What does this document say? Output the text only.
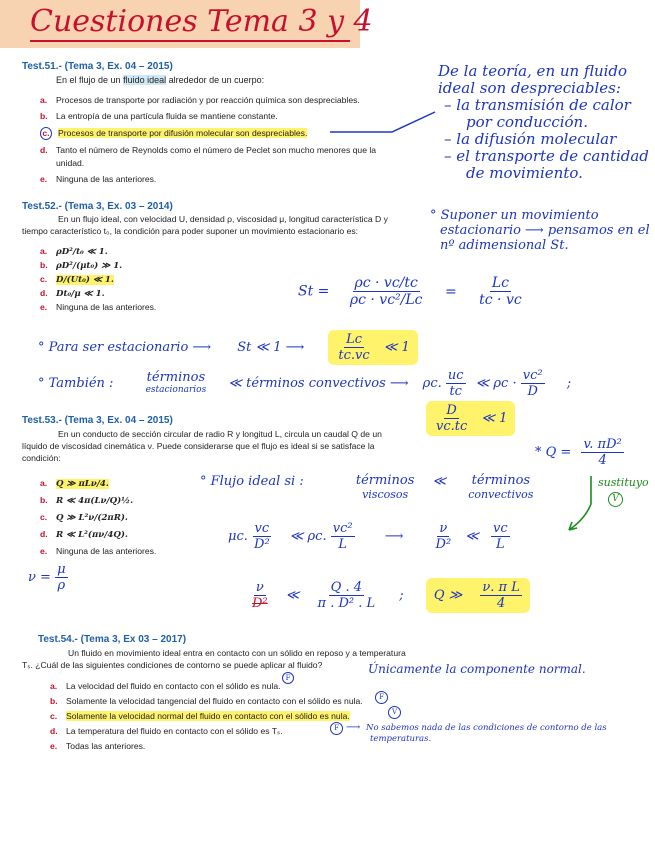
Cuestiones Tema 3 y 4
Test.51.- (Tema 3, Ex. 04 – 2015)
En el flujo de un fluido ideal alrededor de un cuerpo:
a. Procesos de transporte por radiación y por reacción química son despreciables.
b. La entropía de una partícula fluida se mantiene constante.
c. Procesos de transporte por difusión molecular son despreciables.
d. Tanto el número de Reynolds como el número de Peclet son mucho menores que la
unidad.
e. Ninguna de las anteriores.
De la teoría, en un fluido
ideal son despreciables:
– la transmisión de calor
por conducción.
– la difusión molecular
– el transporte de cantidad
de movimiento.
Test.52.- (Tema 3, Ex. 03 – 2014)
En un flujo ideal, con velocidad U, densidad ρ, viscosidad μ, longitud característica D y
tiempo característico t₀, la condición para poder suponer un movimiento estacionario es:
a. ρD²/t₀ ≪ 1.
b. ρD²/(μt₀) ≫ 1.
c. D/(Ut₀) ≪ 1.
d. Dt₀/μ ≪ 1.
e. Ninguna de las anteriores.
° Suponer un movimiento
estacionario ⟶ pensamos en el
nº adimensional St.
$St = \frac{\rho c \cdot vc/tc}{\text{ρc · vc²/Lc}} = \frac{Lc}{tc \cdot vc}$
° Para ser estacionario ⟶ St ≪ 1 ⟶ $\frac{Lc}{tc.vc}$ ≪ 1
° También :	términos
estacionarios ≪ términos convectivos ⟶ ρc. $\frac{uc}{tc}$ ≪ $\rho c \cdot \frac{\text{vc²}}{D}$ ;
$\frac{D}{vc.tc}$ ≪ 1
Test.53.- (Tema 3, Ex. 04 – 2015)
En un conducto de sección circular de radio R y longitud L, circula un caudal Q de un
líquido de viscosidad cinemática ν. Puede considerarse que el flujo es ideal si se satisface la
condición:
a. Q ≫ πLν/4.
b. R ≪ 4π(Lν/Q)½.
c. Q ≫ L²ν/(2πR).
d. R ≪ L²(πν/4Q).
e. Ninguna de las anteriores.
* $Q = \frac{\text{v. πD²}}{4}$
sustituyo
V
° Flujo ideal si :	términos
viscosos ≪ términos
convectivos
μc. $\frac{vc}{\text{D²}}$ ≪ ρc. $\frac{\text{vc²}}{L}$ ⟶ $\frac{\nu}{\text{D²}}$ ≪ $\frac{vc}{L}$
$\nu = \frac{\mu}{\rho}$
$\frac{\nu}{\text{D²}}$ ≪ $\frac{Q . 4}{\text{π . D² . L}}$ ; Q ≫ $\frac{\text{ν. π L}}{4}$
Test.54.- (Tema 3, Ex 03 – 2017)
Un fluido en movimiento ideal entra en contacto con un sólido en reposo y a temperatura
Tₛ. ¿Cuál de las siguientes condiciones de contorno se puede aplicar al fluido?	Únicamente la componente normal.
a. La velocidad del fluido en contacto con el sólido es nula.
b. Solamente la velocidad tangencial del fluido en contacto con el sólido es nula.
c. Solamente la velocidad normal del fluido en contacto con el sólido es nula.
d. La temperatura del fluido en contacto con el sólido es Tₛ.
e. Todas las anteriores.
F
F
V
F ⟶ No sabemos nada de las condiciones de contorno de las
temperaturas.
